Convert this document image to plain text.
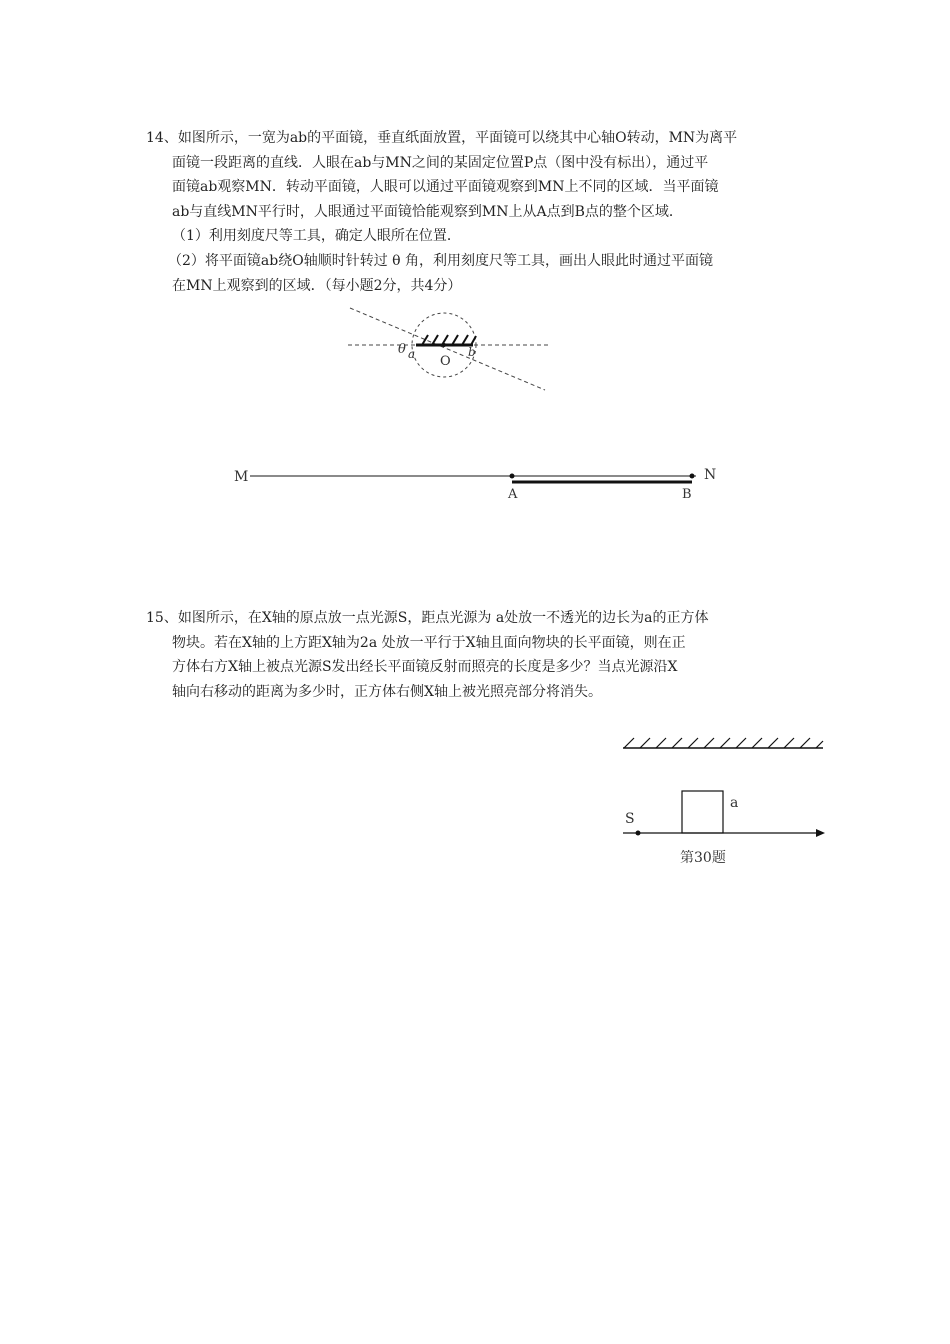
14、如图所示，一宽为ab的平面镜，垂直纸面放置，平面镜可以绕其中心轴O转动，MN为离平

面镜一段距离的直线．人眼在ab与MN之间的某固定位置P点（图中没有标出），通过平

面镜ab观察MN．转动平面镜，人眼可以通过平面镜观察到MN上不同的区域．当平面镜

ab与直线MN平行时，人眼通过平面镜恰能观察到MN上从A点到B点的整个区域．

（1）利用刻度尺等工具，确定人眼所在位置．

（2）将平面镜ab绕O轴顺时针转过 θ 角，利用刻度尺等工具，画出人眼此时通过平面镜

在MN上观察到的区域．（每小题2分，共4分）

θ a O
b
M	N
A	B

15、如图所示，在X轴的原点放一点光源S，距点光源为 a处放一不透光的边长为a的正方体

物块。若在X轴的上方距X轴为2a 处放一平行于X轴且面向物块的长平面镜，则在正

方体右方X轴上被点光源S发出经长平面镜反射而照亮的长度是多少？当点光源沿X

轴向右移动的距离为多少时，正方体右侧X轴上被光照亮部分将消失。

S
a
第30题
